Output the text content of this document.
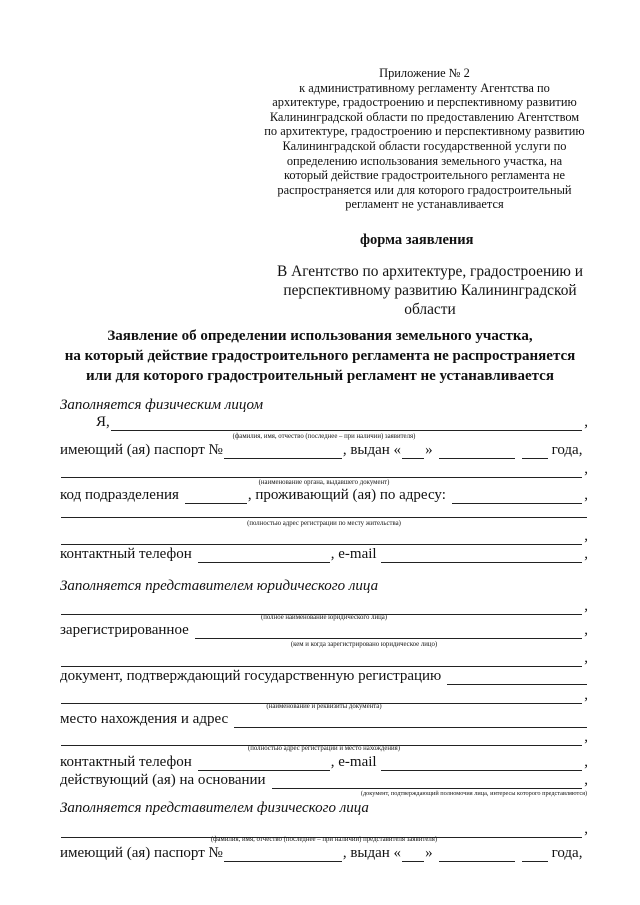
Приложение № 2
к административному регламенту Агентства по
архитектуре, градостроению и перспективному развитию
Калининградской области по предоставлению Агентством
по архитектуре, градостроению и перспективному развитию
Калининградской области государственной услуги по
определению использования земельного участка, на
который действие градостроительного регламента не
распространяется или для которого градостроительный
регламент не устанавливается
форма заявления
В Агентство по архитектуре, градостроению и
перспективному развитию Калининградской
области
Заявление об определении использования земельного участка,
на который действие градостроительного регламента не распространяется
или для которого градостроительный регламент не устанавливается
Заполняется физическим лицом
Я,	,
(фамилия, имя, отчество (последнее – при наличии) заявителя)
имеющий (ая) паспорт №	, выдан « »	года,
,
(наименование органа, выдавшего документ)
код подразделения	, проживающий (ая) по адресу:	,
(полностью адрес регистрации по месту жительства)
,
контактный телефон	, e-mail	,
Заполняется представителем юридического лица
,
(полное наименование юридического лица)
зарегистрированное	,
(кем и когда зарегистрировано юридическое лицо)
,
документ, подтверждающий государственную регистрацию
,
(наименование и реквизиты документа)
место нахождения и адрес
,
(полностью адрес регистрации и место нахождения)
контактный телефон	, e-mail	,
действующий (ая) на основании	,
(документ, подтверждающий полномочия лица, интересы которого представляются)
Заполняется представителем физического лица
,
(фамилия, имя, отчество (последнее – при наличии) представителя заявителя)
имеющий (ая) паспорт №	, выдан « »	года,
